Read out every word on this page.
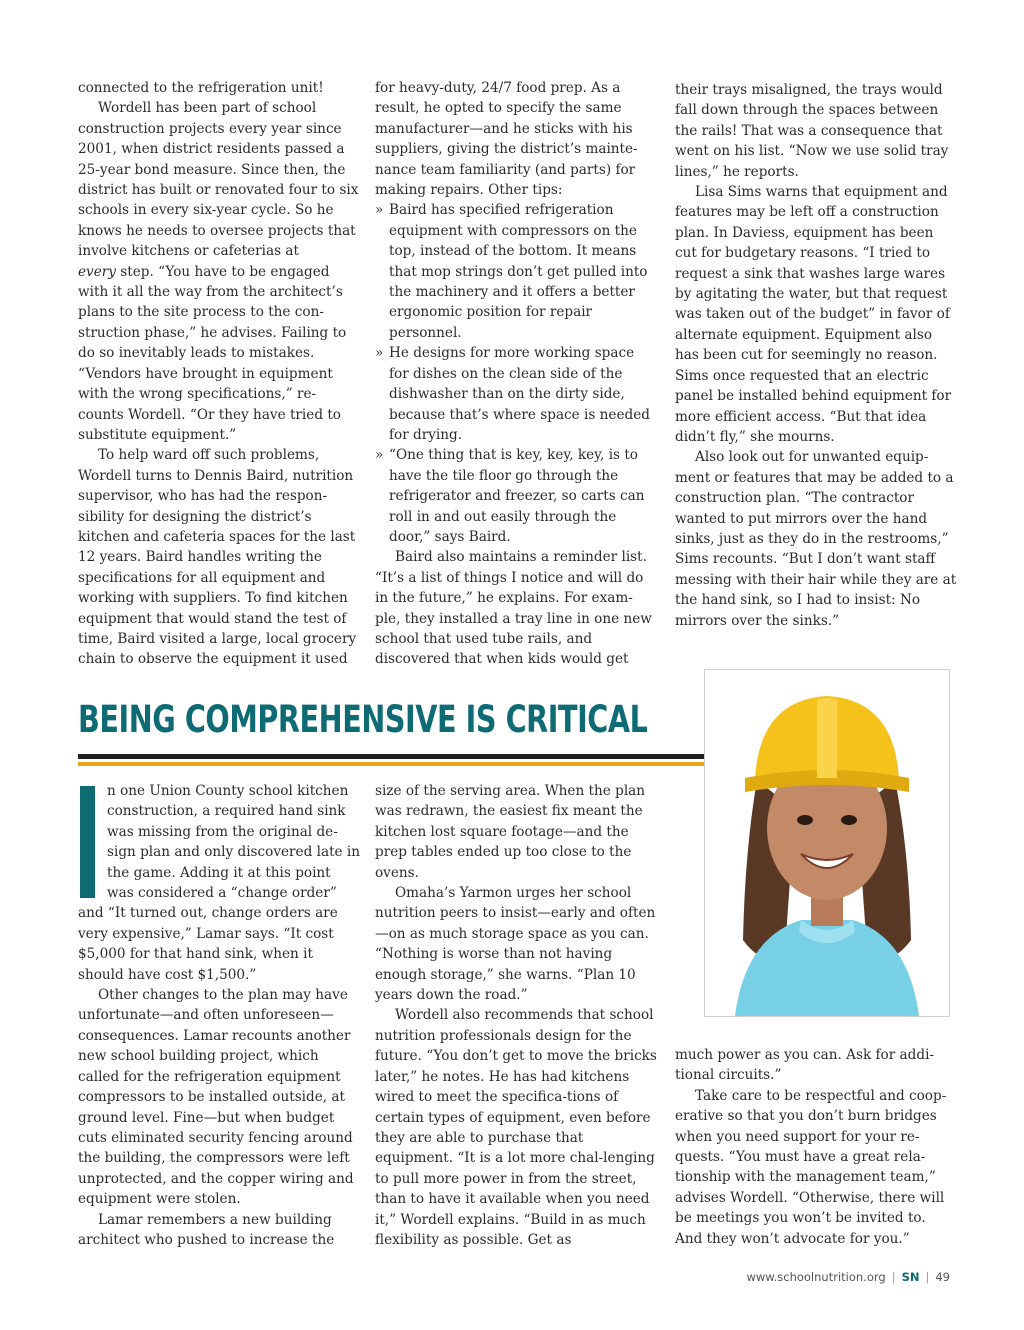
connected to the refrigeration unit!

Wordell has been part of school construction projects every year since 2001, when district residents passed a 25-year bond measure. Since then, the district has built or renovated four to six schools in every six-year cycle. So he knows he needs to oversee projects that involve kitchens or cafeterias at

every step. “You have to be engaged with it all the way from the architect’s plans to the site process to the con-struction phase,” he advises. Failing to do so inevitably leads to mistakes. “Vendors have brought in equipment with the wrong specifications,” re-counts Wordell. “Or they have tried to substitute equipment.”

To help ward off such problems, Wordell turns to Dennis Baird, nutrition supervisor, who has had the respon-sibility for designing the district’s kitchen and cafeteria spaces for the last 12 years. Baird handles writing the specifications for all equipment and working with suppliers. To find kitchen equipment that would stand the test of time, Baird visited a large, local grocery chain to observe the equipment it used

for heavy-duty, 24/7 food prep. As a result, he opted to specify the same manufacturer—and he sticks with his suppliers, giving the district’s mainte-nance team familiarity (and parts) for making repairs. Other tips:

» Baird has specified refrigeration equipment with compressors on the top, instead of the bottom. It means that mop strings don’t get pulled into the machinery and it offers a better ergonomic position for repair personnel.
» He designs for more working space for dishes on the clean side of the dishwasher than on the dirty side, because that’s where space is needed for drying.
» “One thing that is key, key, key, is to have the tile floor go through the refrigerator and freezer, so carts can roll in and out easily through the door,” says Baird.

Baird also maintains a reminder list. “It’s a list of things I notice and will do in the future,” he explains. For exam-ple, they installed a tray line in one new school that used tube rails, and discovered that when kids would get

their trays misaligned, the trays would fall down through the spaces between the rails! That was a consequence that went on his list. “Now we use solid tray lines,” he reports.

Lisa Sims warns that equipment and features may be left off a construction plan. In Daviess, equipment has been cut for budgetary reasons. “I tried to request a sink that washes large wares by agitating the water, but that request was taken out of the budget” in favor of alternate equipment. Equipment also has been cut for seemingly no reason. Sims once requested that an electric panel be installed behind equipment for more efficient access. “But that idea didn’t fly,” she mourns.

Also look out for unwanted equip-ment or features that may be added to a construction plan. “The contractor wanted to put mirrors over the hand sinks, just as they do in the restrooms,” Sims recounts. “But I don’t want staff messing with their hair while they are at the hand sink, so I had to insist: No mirrors over the sinks.”

BEING COMPREHENSIVE IS CRITICAL

n one Union County school kitchen construction, a required hand sink was missing from the original de-sign plan and only discovered late in the game. Adding it at this point was considered a “change order” and “It turned out, change orders are very expensive,” Lamar says. “It cost $5,000 for that hand sink, when it should have cost $1,500.”

Other changes to the plan may have unfortunate—and often unforeseen—consequences. Lamar recounts another new school building project, which called for the refrigeration equipment compressors to be installed outside, at ground level. Fine—but when budget cuts eliminated security fencing around the building, the compressors were left unprotected, and the copper wiring and equipment were stolen.

Lamar remembers a new building architect who pushed to increase the

size of the serving area. When the plan was redrawn, the easiest fix meant the kitchen lost square footage—and the prep tables ended up too close to the ovens.

Omaha’s Yarmon urges her school nutrition peers to insist—early and often—on as much storage space as you can. “Nothing is worse than not having enough storage,” she warns. “Plan 10 years down the road.”

Wordell also recommends that school nutrition professionals design for the future. “You don’t get to move the bricks later,” he notes. He has had kitchens wired to meet the specifica-tions of certain types of equipment, even before they are able to purchase that equipment. “It is a lot more chal-lenging to pull more power in from the street, than to have it available when you need it,” Wordell explains. “Build in as much flexibility as possible. Get as

much power as you can. Ask for addi-tional circuits.”

Take care to be respectful and coop-erative so that you don’t burn bridges when you need support for your re-quests. “You must have a great rela-tionship with the management team,” advises Wordell. “Otherwise, there will be meetings you won’t be invited to. And they won’t advocate for you.”

www.schoolnutrition.org | SN | 49
